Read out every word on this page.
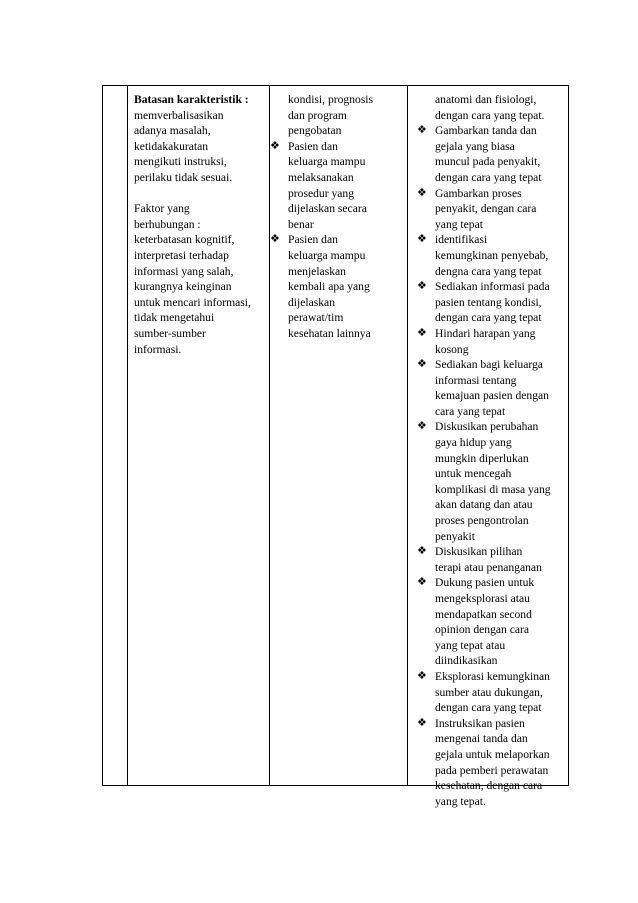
Batasan karakteristik :
memverbalisasikan
adanya masalah,
ketidakakuratan
mengikuti instruksi,
perilaku tidak sesuai.
Faktor yang
berhubungan :
keterbatasan kognitif,
interpretasi terhadap
informasi yang salah,
kurangnya keinginan
untuk mencari informasi,
tidak mengetahui
sumber-sumber
informasi.
kondisi, prognosis
dan program
pengobatan
❖ Pasien dan
keluarga mampu
melaksanakan
prosedur yang
dijelaskan secara
benar
❖ Pasien dan
keluarga mampu
menjelaskan
kembali apa yang
dijelaskan
perawat/tim
kesehatan lainnya
anatomi dan fisiologi,
dengan cara yang tepat.
❖ Gambarkan tanda dan
gejala yang biasa
muncul pada penyakit,
dengan cara yang tepat
❖ Gambarkan proses
penyakit, dengan cara
yang tepat
❖ identifikasi
kemungkinan penyebab,
dengna cara yang tepat
❖ Sediakan informasi pada
pasien tentang kondisi,
dengan cara yang tepat
❖ Hindari harapan yang
kosong
❖ Sediakan bagi keluarga
informasi tentang
kemajuan pasien dengan
cara yang tepat
❖ Diskusikan perubahan
gaya hidup yang
mungkin diperlukan
untuk mencegah
komplikasi di masa yang
akan datang dan atau
proses pengontrolan
penyakit
❖ Diskusikan pilihan
terapi atau penanganan
❖ Dukung pasien untuk
mengeksplorasi atau
mendapatkan second
opinion dengan cara
yang tepat atau
diindikasikan
❖ Eksplorasi kemungkinan
sumber atau dukungan,
dengan cara yang tepat
❖ Instruksikan pasien
mengenai tanda dan
gejala untuk melaporkan
pada pemberi perawatan
kesehatan, dengan cara
yang tepat.
